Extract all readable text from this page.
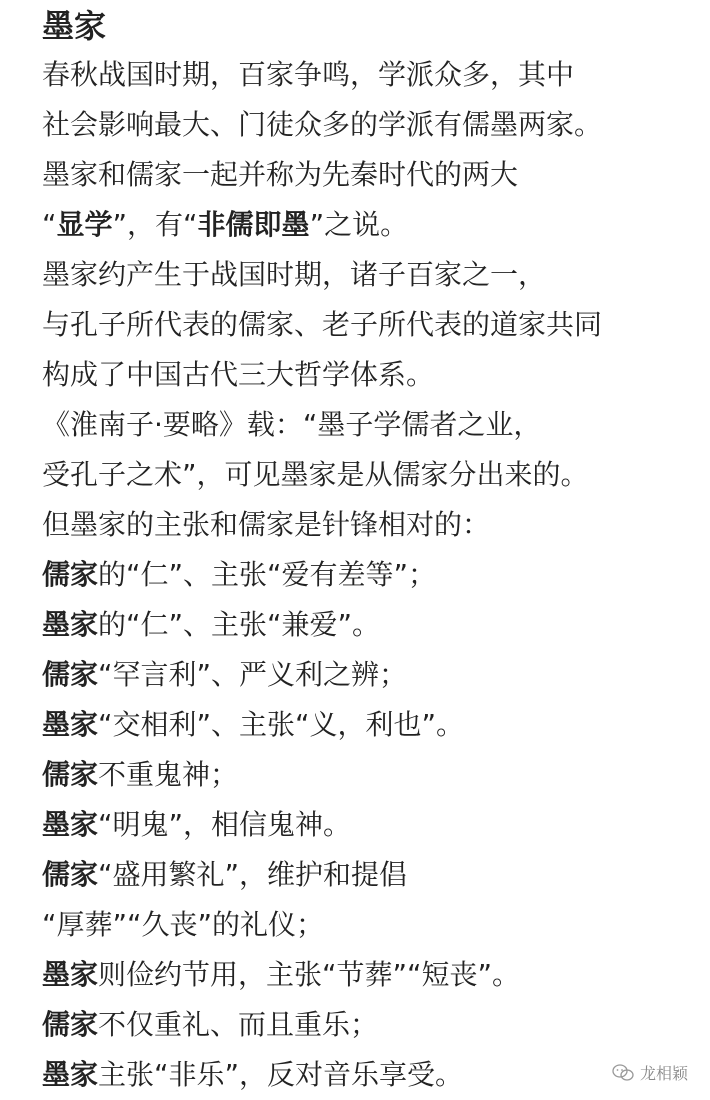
墨家
春秋战国时期，百家争鸣，学派众多，其中
社会影响最大、门徒众多的学派有儒墨两家。
墨家和儒家一起并称为先秦时代的两大
“显学”，有“非儒即墨”之说。
墨家约产生于战国时期，诸子百家之一，
与孔子所代表的儒家、老子所代表的道家共同
构成了中国古代三大哲学体系。
《淮南子·要略》载：“墨子学儒者之业，
受孔子之术”，可见墨家是从儒家分出来的。
但墨家的主张和儒家是针锋相对的：
儒家的“仁”、主张“爱有差等”；
墨家的“仁”、主张“兼爱”。
儒家“罕言利”、严义利之辨；
墨家“交相利”、主张“义，利也”。
儒家不重鬼神；
墨家“明鬼”，相信鬼神。
儒家“盛用繁礼”，维护和提倡
“厚葬”“久丧”的礼仪；
墨家则俭约节用，主张“节葬”“短丧”。
儒家不仅重礼、而且重乐；
墨家主张“非乐”，反对音乐享受。	龙相颖
